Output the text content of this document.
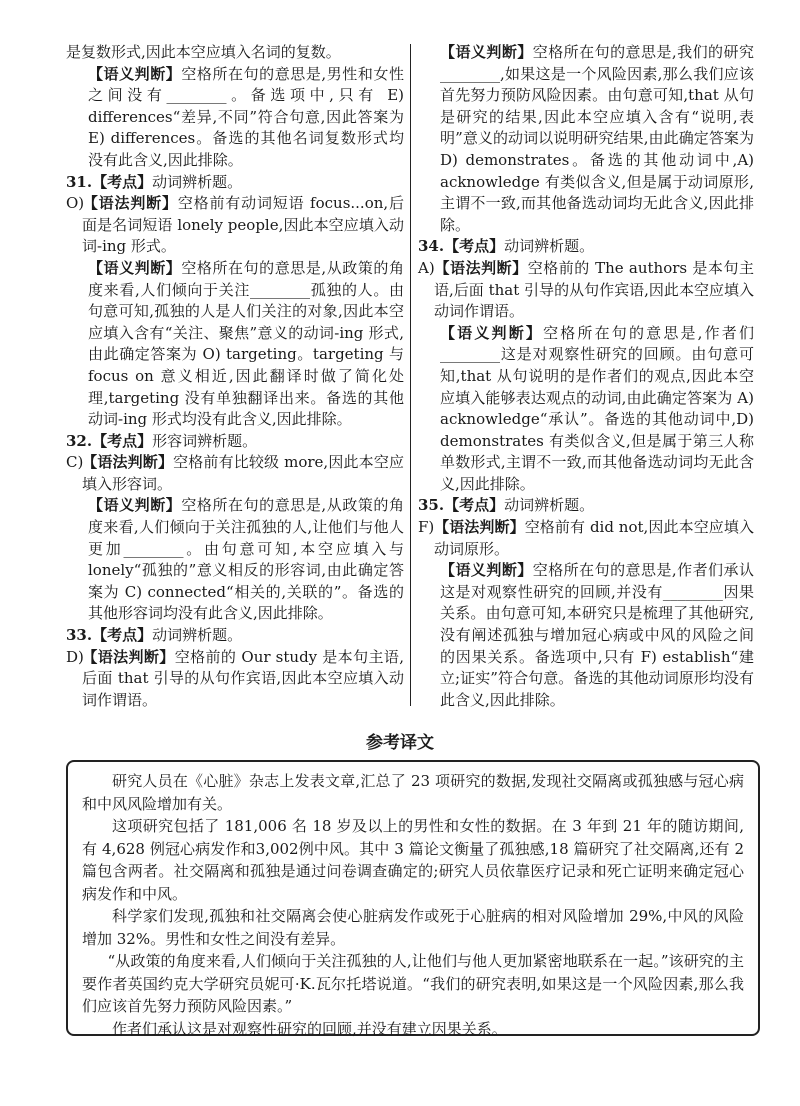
是复数形式,因此本空应填入名词的复数。

【语义判断】空格所在句的意思是,男性和女性之间没有________。备选项中,只有 E) differences“差异,不同”符合句意,因此答案为 E) differences。备选的其他名词复数形式均没有此含义,因此排除。

31.【考点】动词辨析题。

O)【语法判断】空格前有动词短语 focus...on,后面是名词短语 lonely people,因此本空应填入动词-ing 形式。

【语义判断】空格所在句的意思是,从政策的角度来看,人们倾向于关注________孤独的人。由句意可知,孤独的人是人们关注的对象,因此本空应填入含有“关注、聚焦”意义的动词-ing 形式,由此确定答案为 O) targeting。targeting 与 focus on 意义相近,因此翻译时做了简化处理,targeting 没有单独翻译出来。备选的其他动词-ing 形式均没有此含义,因此排除。

32.【考点】形容词辨析题。

C)【语法判断】空格前有比较级 more,因此本空应填入形容词。

【语义判断】空格所在句的意思是,从政策的角度来看,人们倾向于关注孤独的人,让他们与他人更加________。由句意可知,本空应填入与 lonely“孤独的”意义相反的形容词,由此确定答案为 C) connected“相关的,关联的”。备选的其他形容词均没有此含义,因此排除。

33.【考点】动词辨析题。

D)【语法判断】空格前的 Our study 是本句主语,后面 that 引导的从句作宾语,因此本空应填入动词作谓语。

【语义判断】空格所在句的意思是,我们的研究________,如果这是一个风险因素,那么我们应该首先努力预防风险因素。由句意可知,that 从句是研究的结果,因此本空应填入含有“说明,表明”意义的动词以说明研究结果,由此确定答案为 D) demonstrates。备选的其他动词中,A) acknowledge 有类似含义,但是属于动词原形,主谓不一致,而其他备选动词均无此含义,因此排除。

34.【考点】动词辨析题。

A)【语法判断】空格前的 The authors 是本句主语,后面 that 引导的从句作宾语,因此本空应填入动词作谓语。

【语义判断】空格所在句的意思是,作者们________这是对观察性研究的回顾。由句意可知,that 从句说明的是作者们的观点,因此本空应填入能够表达观点的动词,由此确定答案为 A) acknowledge“承认”。备选的其他动词中,D) demonstrates 有类似含义,但是属于第三人称单数形式,主谓不一致,而其他备选动词均无此含义,因此排除。

35.【考点】动词辨析题。

F)【语法判断】空格前有 did not,因此本空应填入动词原形。

【语义判断】空格所在句的意思是,作者们承认这是对观察性研究的回顾,并没有________因果关系。由句意可知,本研究只是梳理了其他研究,没有阐述孤独与增加冠心病或中风的风险之间的因果关系。备选项中,只有 F) establish“建立;证实”符合句意。备选的其他动词原形均没有此含义,因此排除。

参考译文

研究人员在《心脏》杂志上发表文章,汇总了 23 项研究的数据,发现社交隔离或孤独感与冠心病和中风风险增加有关。

这项研究包括了 181,006 名 18 岁及以上的男性和女性的数据。在 3 年到 21 年的随访期间,有 4,628 例冠心病发作和3,002例中风。其中 3 篇论文衡量了孤独感,18 篇研究了社交隔离,还有 2 篇包含两者。社交隔离和孤独是通过问卷调查确定的;研究人员依靠医疗记录和死亡证明来确定冠心病发作和中风。

科学家们发现,孤独和社交隔离会使心脏病发作或死于心脏病的相对风险增加 29%,中风的风险增加 32%。男性和女性之间没有差异。

“从政策的角度来看,人们倾向于关注孤独的人,让他们与他人更加紧密地联系在一起。”该研究的主要作者英国约克大学研究员妮可·K.瓦尔托塔说道。“我们的研究表明,如果这是一个风险因素,那么我们应该首先努力预防风险因素。”

作者们承认这是对观察性研究的回顾,并没有建立因果关系。
